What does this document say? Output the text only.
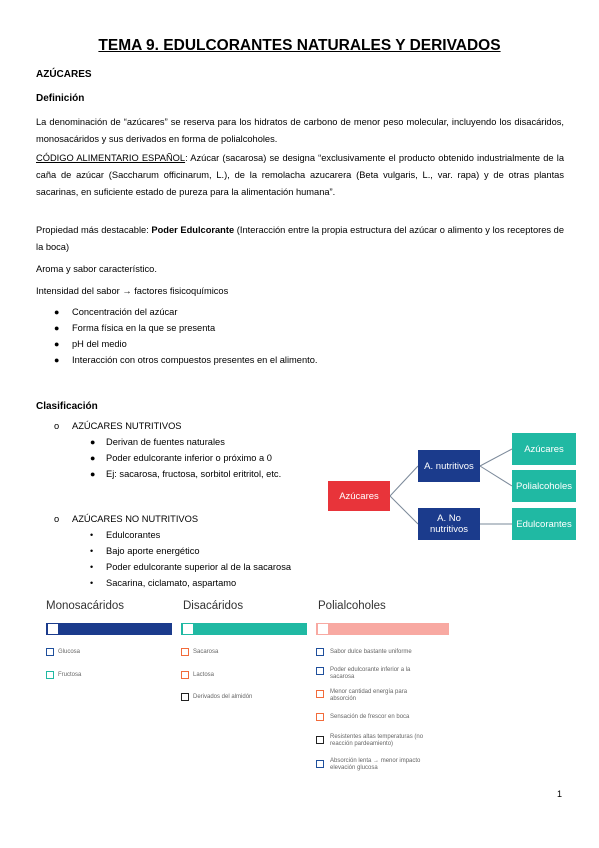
TEMA 9. EDULCORANTES NATURALES Y DERIVADOS
AZÚCARES
Definición

La denominación de “azúcares” se reserva para los hidratos de carbono de menor peso molecular, incluyendo los disacáridos, monosacáridos y sus derivados en forma de polialcoholes.

CÓDIGO ALIMENTARIO ESPAÑOL: Azúcar (sacarosa) se designa “exclusivamente el producto obtenido industrialmente de la caña de azúcar (Saccharum officinarum, L.), de la remolacha azucarera (Beta vulgaris, L., var. rapa) y de otras plantas sacarinas, en suficiente estado de pureza para la alimentación humana”.

Propiedad más destacable: Poder Edulcorante (Interacción entre la propia estructura del azúcar o alimento y los receptores de la boca)

Aroma y sabor característico.

Intensidad del sabor → factores fisicoquímicos

● Concentración del azúcar
● Forma física en la que se presenta
● pH del medio
● Interacción con otros compuestos presentes en el alimento.
Clasificación
o AZÚCARES NUTRITIVOS
● Derivan de fuentes naturales
● Poder edulcorante inferior o próximo a 0
● Ej: sacarosa, fructosa, sorbitol eritritol, etc.
o AZÚCARES NO NUTRITIVOS
• Edulcorantes
• Bajo aporte energético
• Poder edulcorante superior al de la sacarosa
• Sacarina, ciclamato, aspartamo
Azúcares
A. nutritivos
A. No nutritivos
Azúcares
Polialcoholes
Edulcorantes
Monosacáridos	Disacáridos	Polialcoholes
Glucosa
Fructosa
Sacarosa
Lactosa
Derivados del almidón
Sabor dulce bastante uniforme
Poder edulcorante inferior a la sacarosa
Menor cantidad energía para absorción
Sensación de frescor en boca
Resistentes altas temperaturas (no reacción pardeamiento)
Absorción lenta → menor impacto elevación glucosa
1
